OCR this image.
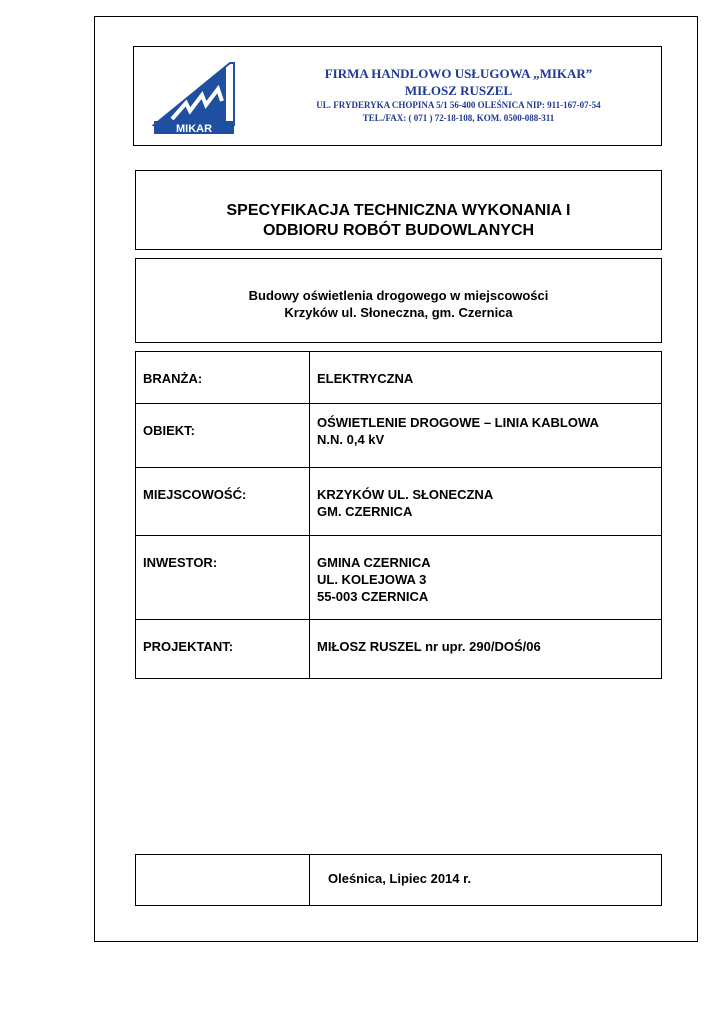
MIKAR
FIRMA HANDLOWO USŁUGOWA „MIKAR”
MIŁOSZ RUSZEL
UL. FRYDERYKA CHOPINA 5/1 56-400 OLEŚNICA NIP: 911-167-07-54
TEL./FAX: ( 071 ) 72-18-108, KOM. 0500-088-311
SPECYFIKACJA TECHNICZNA WYKONANIA I
ODBIORU ROBÓT BUDOWLANYCH
Budowy oświetlenia drogowego w miejscowości
Krzyków ul. Słoneczna, gm. Czernica
BRANŻA:	ELEKTRYCZNA

OBIEKT:	OŚWIETLENIE DROGOWE – LINIA KABLOWA
N.N. 0,4 kV

MIEJSCOWOŚĆ:	KRZYKÓW UL. SŁONECZNA
GM. CZERNICA

INWESTOR:	GMINA CZERNICA
UL. KOLEJOWA 3
55-003 CZERNICA

PROJEKTANT:	MIŁOSZ RUSZEL nr upr. 290/DOŚ/06
	Oleśnica, Lipiec 2014 r.
